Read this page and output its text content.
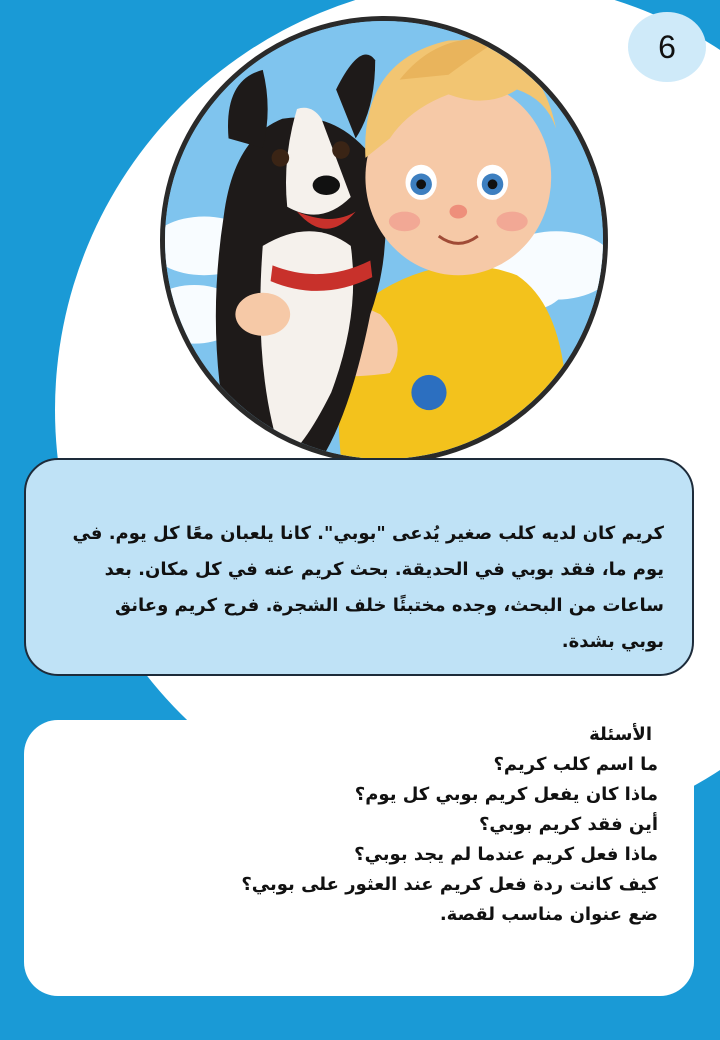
6

كريم كان لديه كلب صغير يُدعى "بوبي". كانا يلعبان معًا كل يوم. في يوم ما، فقد بوبي في الحديقة. بحث كريم عنه في كل مكان. بعد ساعات من البحث، وجده مختبئًا خلف الشجرة. فرح كريم وعانق بوبي بشدة.

الأسئلة
ما اسم كلب كريم؟
ماذا كان يفعل كريم بوبي كل يوم؟
أين فقد كريم بوبي؟
ماذا فعل كريم عندما لم يجد بوبي؟
كيف كانت ردة فعل كريم عند العثور على بوبي؟
ضع عنوان مناسب لقصة.
